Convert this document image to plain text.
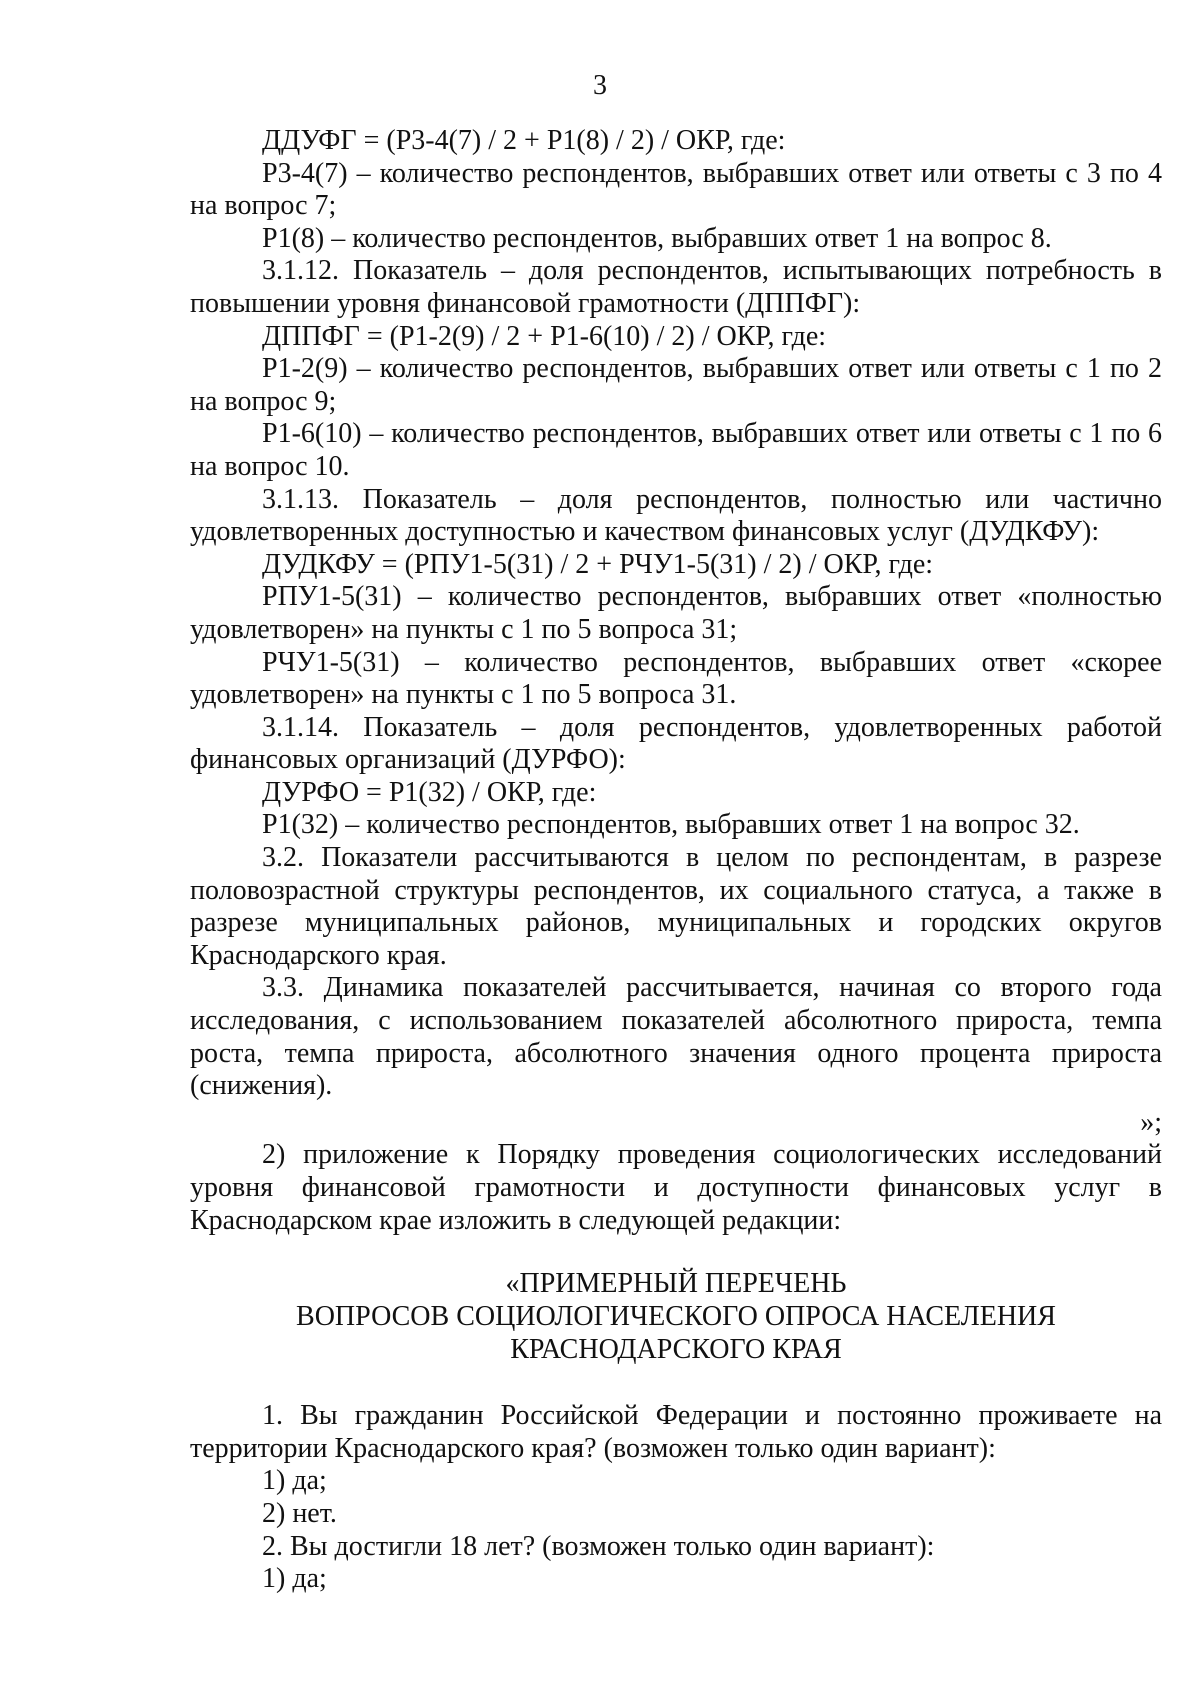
3

ДДУФГ = (Р3-4(7) / 2 + Р1(8) / 2) / ОКР, где:

Р3-4(7) – количество респондентов, выбравших ответ или ответы с 3 по 4

на вопрос 7;

Р1(8) – количество респондентов, выбравших ответ 1 на вопрос 8.

3.1.12. Показатель – доля респондентов, испытывающих потребность в

повышении уровня финансовой грамотности (ДППФГ):

ДППФГ = (Р1-2(9) / 2 + Р1-6(10) / 2) / ОКР, где:

Р1-2(9) – количество респондентов, выбравших ответ или ответы с 1 по 2

на вопрос 9;

Р1-6(10) – количество респондентов, выбравших ответ или ответы с 1 по 6

на вопрос 10.

3.1.13. Показатель – доля респондентов, полностью или частично

удовлетворенных доступностью и качеством финансовых услуг (ДУДКФУ):

ДУДКФУ = (РПУ1-5(31) / 2 + РЧУ1-5(31) / 2) / ОКР, где:

РПУ1-5(31) – количество респондентов, выбравших ответ «полностью

удовлетворен» на пункты с 1 по 5 вопроса 31;

РЧУ1-5(31) – количество респондентов, выбравших ответ «скорее

удовлетворен» на пункты с 1 по 5 вопроса 31.

3.1.14. Показатель – доля респондентов, удовлетворенных работой

финансовых организаций (ДУРФО):

ДУРФО = Р1(32) / ОКР, где:

Р1(32) – количество респондентов, выбравших ответ 1 на вопрос 32.

3.2. Показатели рассчитываются в целом по респондентам, в разрезе

половозрастной структуры респондентов, их социального статуса, а также в

разрезе муниципальных районов, муниципальных и городских округов

Краснодарского края.

3.3. Динамика показателей рассчитывается, начиная со второго года

исследования, с использованием показателей абсолютного прироста, темпа

роста, темпа прироста, абсолютного значения одного процента прироста

(снижения).

»;

2) приложение к Порядку проведения социологических исследований

уровня финансовой грамотности и доступности финансовых услуг в

Краснодарском крае изложить в следующей редакции:

«ПРИМЕРНЫЙ ПЕРЕЧЕНЬ
ВОПРОСОВ СОЦИОЛОГИЧЕСКОГО ОПРОСА НАСЕЛЕНИЯ
КРАСНОДАРСКОГО КРАЯ

1. Вы гражданин Российской Федерации и постоянно проживаете на

территории Краснодарского края? (возможен только один вариант):

1) да;

2) нет.

2. Вы достигли 18 лет? (возможен только один вариант):

1) да;
